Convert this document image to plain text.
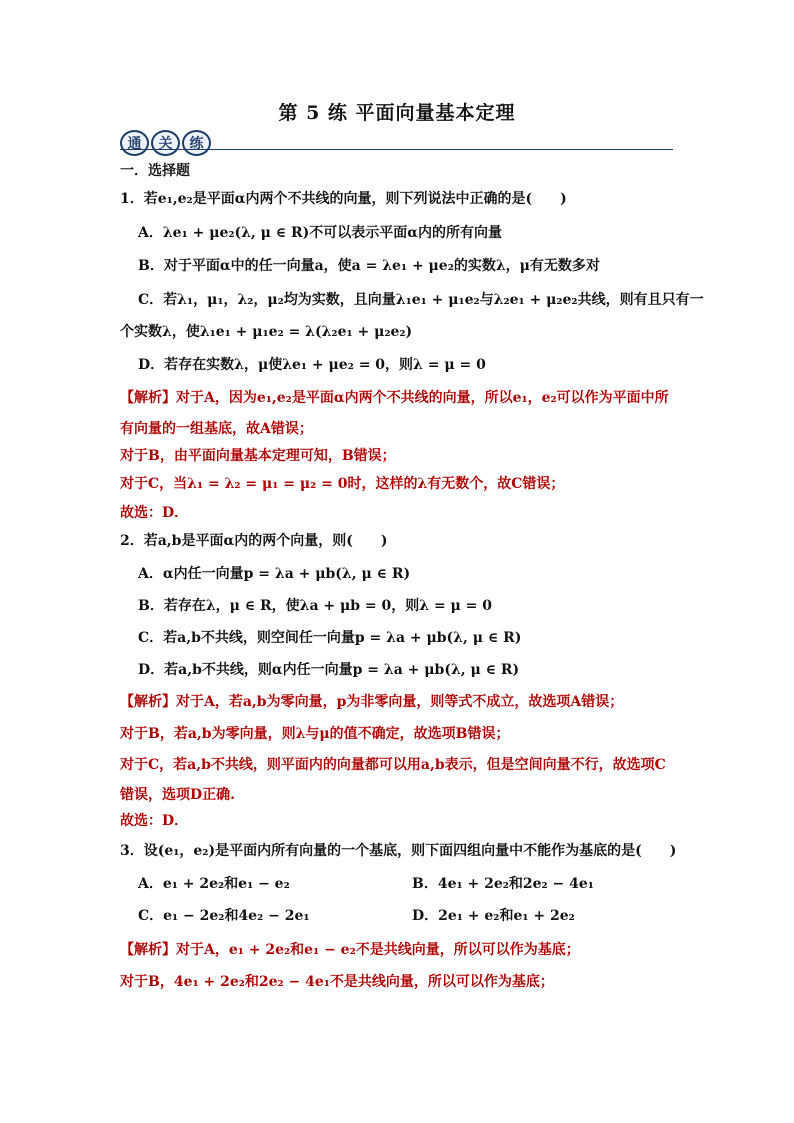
第 5 练 平面向量基本定理
通	关	练
一．选择题
1．若e₁,e₂是平面α内两个不共线的向量，则下列说法中正确的是(　　)
A．λe₁ + μe₂(λ, μ ∈ R)不可以表示平面α内的所有向量
B．对于平面α中的任一向量a，使a = λe₁ + μe₂的实数λ，μ有无数多对
C．若λ₁，μ₁，λ₂，μ₂均为实数，且向量λ₁e₁ + μ₁e₂与λ₂e₁ + μ₂e₂共线，则有且只有一
个实数λ，使λ₁e₁ + μ₁e₂ = λ(λ₂e₁ + μ₂e₂)
D．若存在实数λ，μ使λe₁ + μe₂ = 0，则λ = μ = 0
【解析】对于A，因为e₁,e₂是平面α内两个不共线的向量，所以e₁，e₂可以作为平面中所
有向量的一组基底，故A错误；
对于B，由平面向量基本定理可知，B错误；
对于C，当λ₁ = λ₂ = μ₁ = μ₂ = 0时，这样的λ有无数个，故C错误；
故选：D．
2．若a,b是平面α内的两个向量，则(　　)
A．α内任一向量p = λa + μb(λ, μ ∈ R)
B．若存在λ，μ ∈ R，使λa + μb = 0，则λ = μ = 0
C．若a,b不共线，则空间任一向量p = λa + μb(λ, μ ∈ R)
D．若a,b不共线，则α内任一向量p = λa + μb(λ, μ ∈ R)
【解析】对于A，若a,b为零向量，p为非零向量，则等式不成立，故选项A错误；
对于B，若a,b为零向量，则λ与μ的值不确定，故选项B错误；
对于C，若a,b不共线，则平面内的向量都可以用a,b表示，但是空间向量不行，故选项C
错误，选项D正确.
故选：D．
3．设(e₁，e₂)是平面内所有向量的一个基底，则下面四组向量中不能作为基底的是(　　)
A．e₁ + 2e₂和e₁ − e₂	B．4e₁ + 2e₂和2e₂ − 4e₁
C．e₁ − 2e₂和4e₂ − 2e₁	D．2e₁ + e₂和e₁ + 2e₂
【解析】对于A，e₁ + 2e₂和e₁ − e₂不是共线向量，所以可以作为基底；
对于B，4e₁ + 2e₂和2e₂ − 4e₁不是共线向量，所以可以作为基底；
